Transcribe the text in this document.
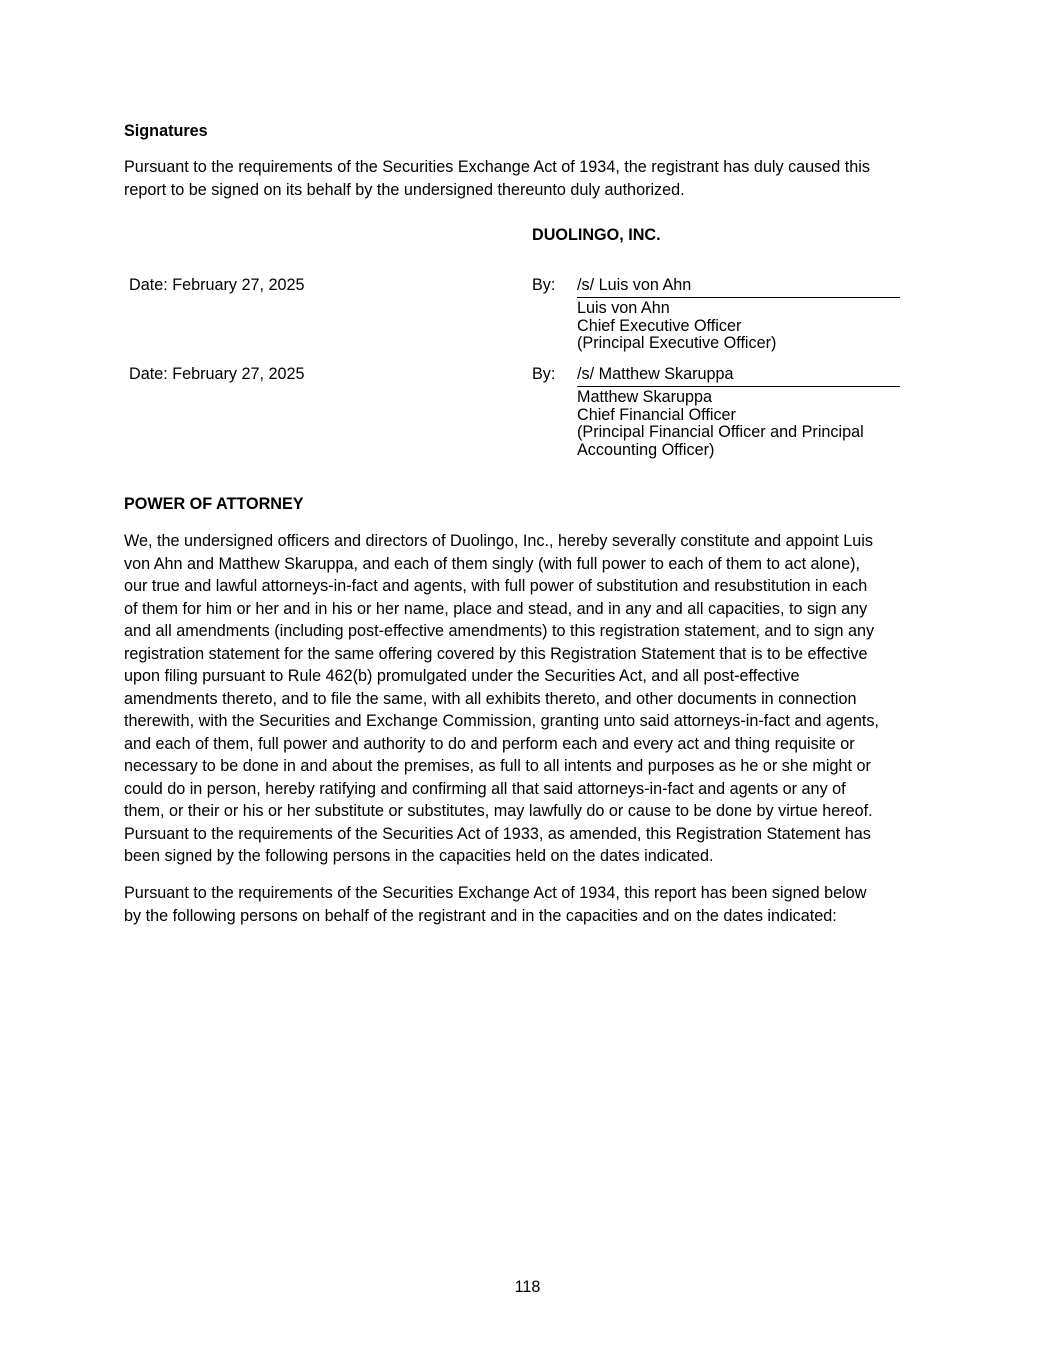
Signatures
Pursuant to the requirements of the Securities Exchange Act of 1934, the registrant has duly caused this
report to be signed on its behalf by the undersigned thereunto duly authorized.
DUOLINGO, INC.
Date: February 27, 2025	By: /s/ Luis von Ahn
Luis von Ahn
Chief Executive Officer
(Principal Executive Officer)
Date: February 27, 2025	By: /s/ Matthew Skaruppa
Matthew Skaruppa
Chief Financial Officer
(Principal Financial Officer and Principal
Accounting Officer)
POWER OF ATTORNEY
We, the undersigned officers and directors of Duolingo, Inc., hereby severally constitute and appoint Luis
von Ahn and Matthew Skaruppa, and each of them singly (with full power to each of them to act alone),
our true and lawful attorneys-in-fact and agents, with full power of substitution and resubstitution in each
of them for him or her and in his or her name, place and stead, and in any and all capacities, to sign any
and all amendments (including post-effective amendments) to this registration statement, and to sign any
registration statement for the same offering covered by this Registration Statement that is to be effective
upon filing pursuant to Rule 462(b) promulgated under the Securities Act, and all post-effective
amendments thereto, and to file the same, with all exhibits thereto, and other documents in connection
therewith, with the Securities and Exchange Commission, granting unto said attorneys-in-fact and agents,
and each of them, full power and authority to do and perform each and every act and thing requisite or
necessary to be done in and about the premises, as full to all intents and purposes as he or she might or
could do in person, hereby ratifying and confirming all that said attorneys-in-fact and agents or any of
them, or their or his or her substitute or substitutes, may lawfully do or cause to be done by virtue hereof.
Pursuant to the requirements of the Securities Act of 1933, as amended, this Registration Statement has
been signed by the following persons in the capacities held on the dates indicated.
Pursuant to the requirements of the Securities Exchange Act of 1934, this report has been signed below
by the following persons on behalf of the registrant and in the capacities and on the dates indicated:
118
